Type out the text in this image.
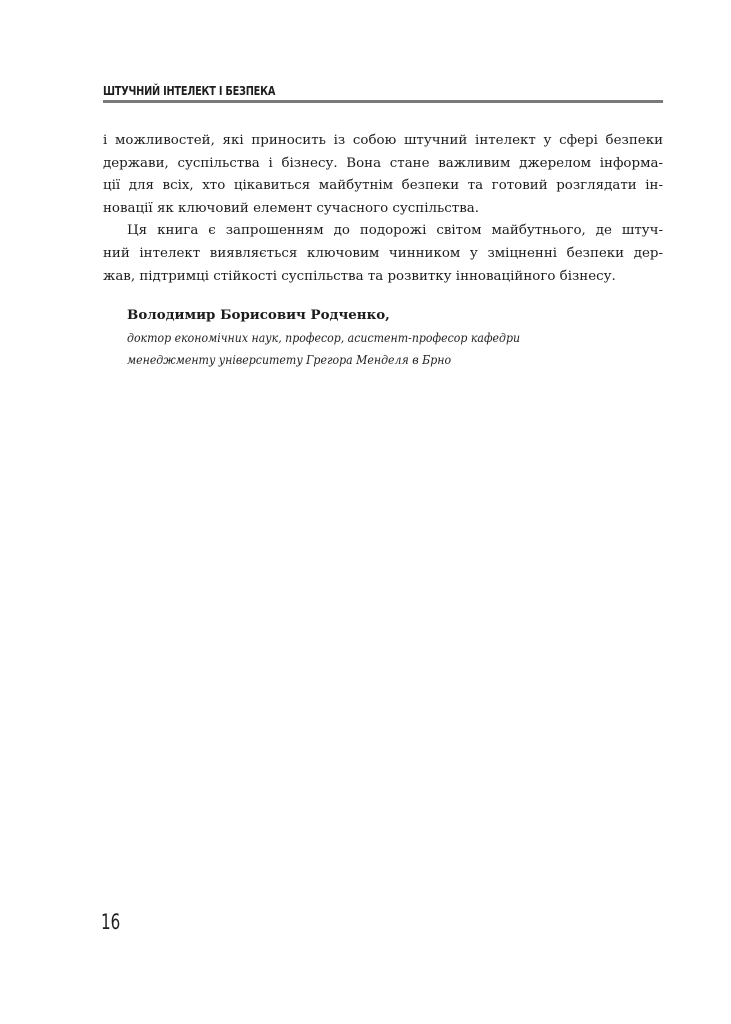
ШТУЧНИЙ ІНТЕЛЕКТ І БЕЗПЕКА
і можливостей, які приносить із собою штучний інтелект у сфері безпеки
держави, суспільства і бізнесу. Вона стане важливим джерелом інформа-
ції для всіх, хто цікавиться майбутнім безпеки та готовий розглядати ін-
новації як ключовий елемент сучасного суспільства.
Ця книга є запрошенням до подорожі світом майбутнього, де штуч-
ний інтелект виявляється ключовим чинником у зміцненні безпеки дер-
жав, підтримці стійкості суспільства та розвитку інноваційного бізнесу.
Володимир Борисович Родченко,
доктор економічних наук, професор, асистент-професор кафедри
менеджменту університету Грегора Менделя в Брно
16
